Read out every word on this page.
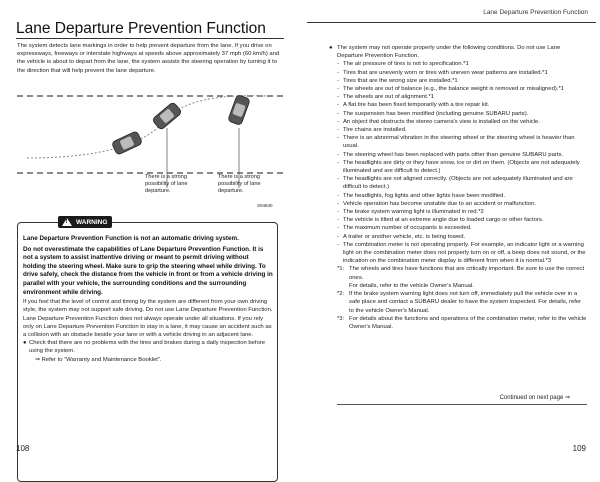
Lane Departure Prevention Function
Lane Departure Prevention Function
The system detects lane markings in order to help prevent departure from the lane. If you drive on expressways, freeways or interstate highways at speeds above approximately 37 mph (60 km/h) and the vehicle is about to depart from the lane, the system assists the steering operation by turning it to the direction that will help prevent the lane departure.
There is a strong possibility of lane departure.
There is a strong possibility of lane departure.
S04840
! WARNING
Lane Departure Prevention Function is not an automatic driving system.
Do not overestimate the capabilities of Lane Departure Prevention Function. It is not a system to assist inattentive driving or meant to permit driving without holding the steering wheel. Make sure to grip the steering wheel while driving. To drive safely, check the distance from the vehicle in front or from a vehicle driving in parallel with your vehicle, the surrounding conditions and the surrounding environment while driving.
If you feel that the level of control and timing by the system are different from your own driving style, the system may not support safe driving. Do not use Lane Departure Prevention Function.
Lane Departure Prevention Function does not always operate under all situations. If you rely only on Lane Departure Prevention Function to stay in a lane, it may cause an accident such as a collision with an obstacle beside your lane or with a vehicle driving in an adjacent lane.
● Check that there are no problems with the tires and brakes during a daily inspection before using the system.
⇒ Refer to “Warranty and Maintenance Booklet”.
● The system may not operate properly under the following conditions. Do not use Lane Departure Prevention Function.
- The air pressure of tires is not to specification.*1
- Tires that are unevenly worn or tires with uneven wear patterns are installed.*1
- Tires that are the wrong size are installed.*1
- The wheels are out of balance (e.g., the balance weight is removed or misaligned).*1
- The wheels are out of alignment.*1
- A flat tire has been fixed temporarily with a tire repair kit.
- The suspension has been modified (including genuine SUBARU parts).
- An object that obstructs the stereo camera's view is installed on the vehicle.
- Tire chains are installed.
- There is an abnormal vibration in the steering wheel or the steering wheel is heavier than usual.
- The steering wheel has been replaced with parts other than genuine SUBARU parts.
- The headlights are dirty or they have snow, ice or dirt on them. (Objects are not adequately illuminated and are difficult to detect.)
- The headlights are not aligned correctly. (Objects are not adequately illuminated and are difficult to detect.)
- The headlights, fog lights and other lights have been modified.
- Vehicle operation has become unstable due to an accident or malfunction.
- The brake system warning light is illuminated in red.*2
- The vehicle is tilted at an extreme angle due to loaded cargo or other factors.
- The maximum number of occupants is exceeded.
- A trailer or another vehicle, etc. is being towed.
- The combination meter is not operating properly. For example, an indicator light or a warning light on the combination meter does not properly turn on or off, a beep does not sound, or the indication on the combination meter display is different from when it is normal.*3
*1: The wheels and tires have functions that are critically important. Be sure to use the correct ones.
For details, refer to the vehicle Owner's Manual.
*2: If the brake system warning light does not turn off, immediately pull the vehicle over in a safe place and contact a SUBARU dealer to have the system inspected. For details, refer to the vehicle Owner's Manual.
*3: For details about the functions and operations of the combination meter, refer to the vehicle Owner's Manual.
Continued on next page ⇒
108	109
